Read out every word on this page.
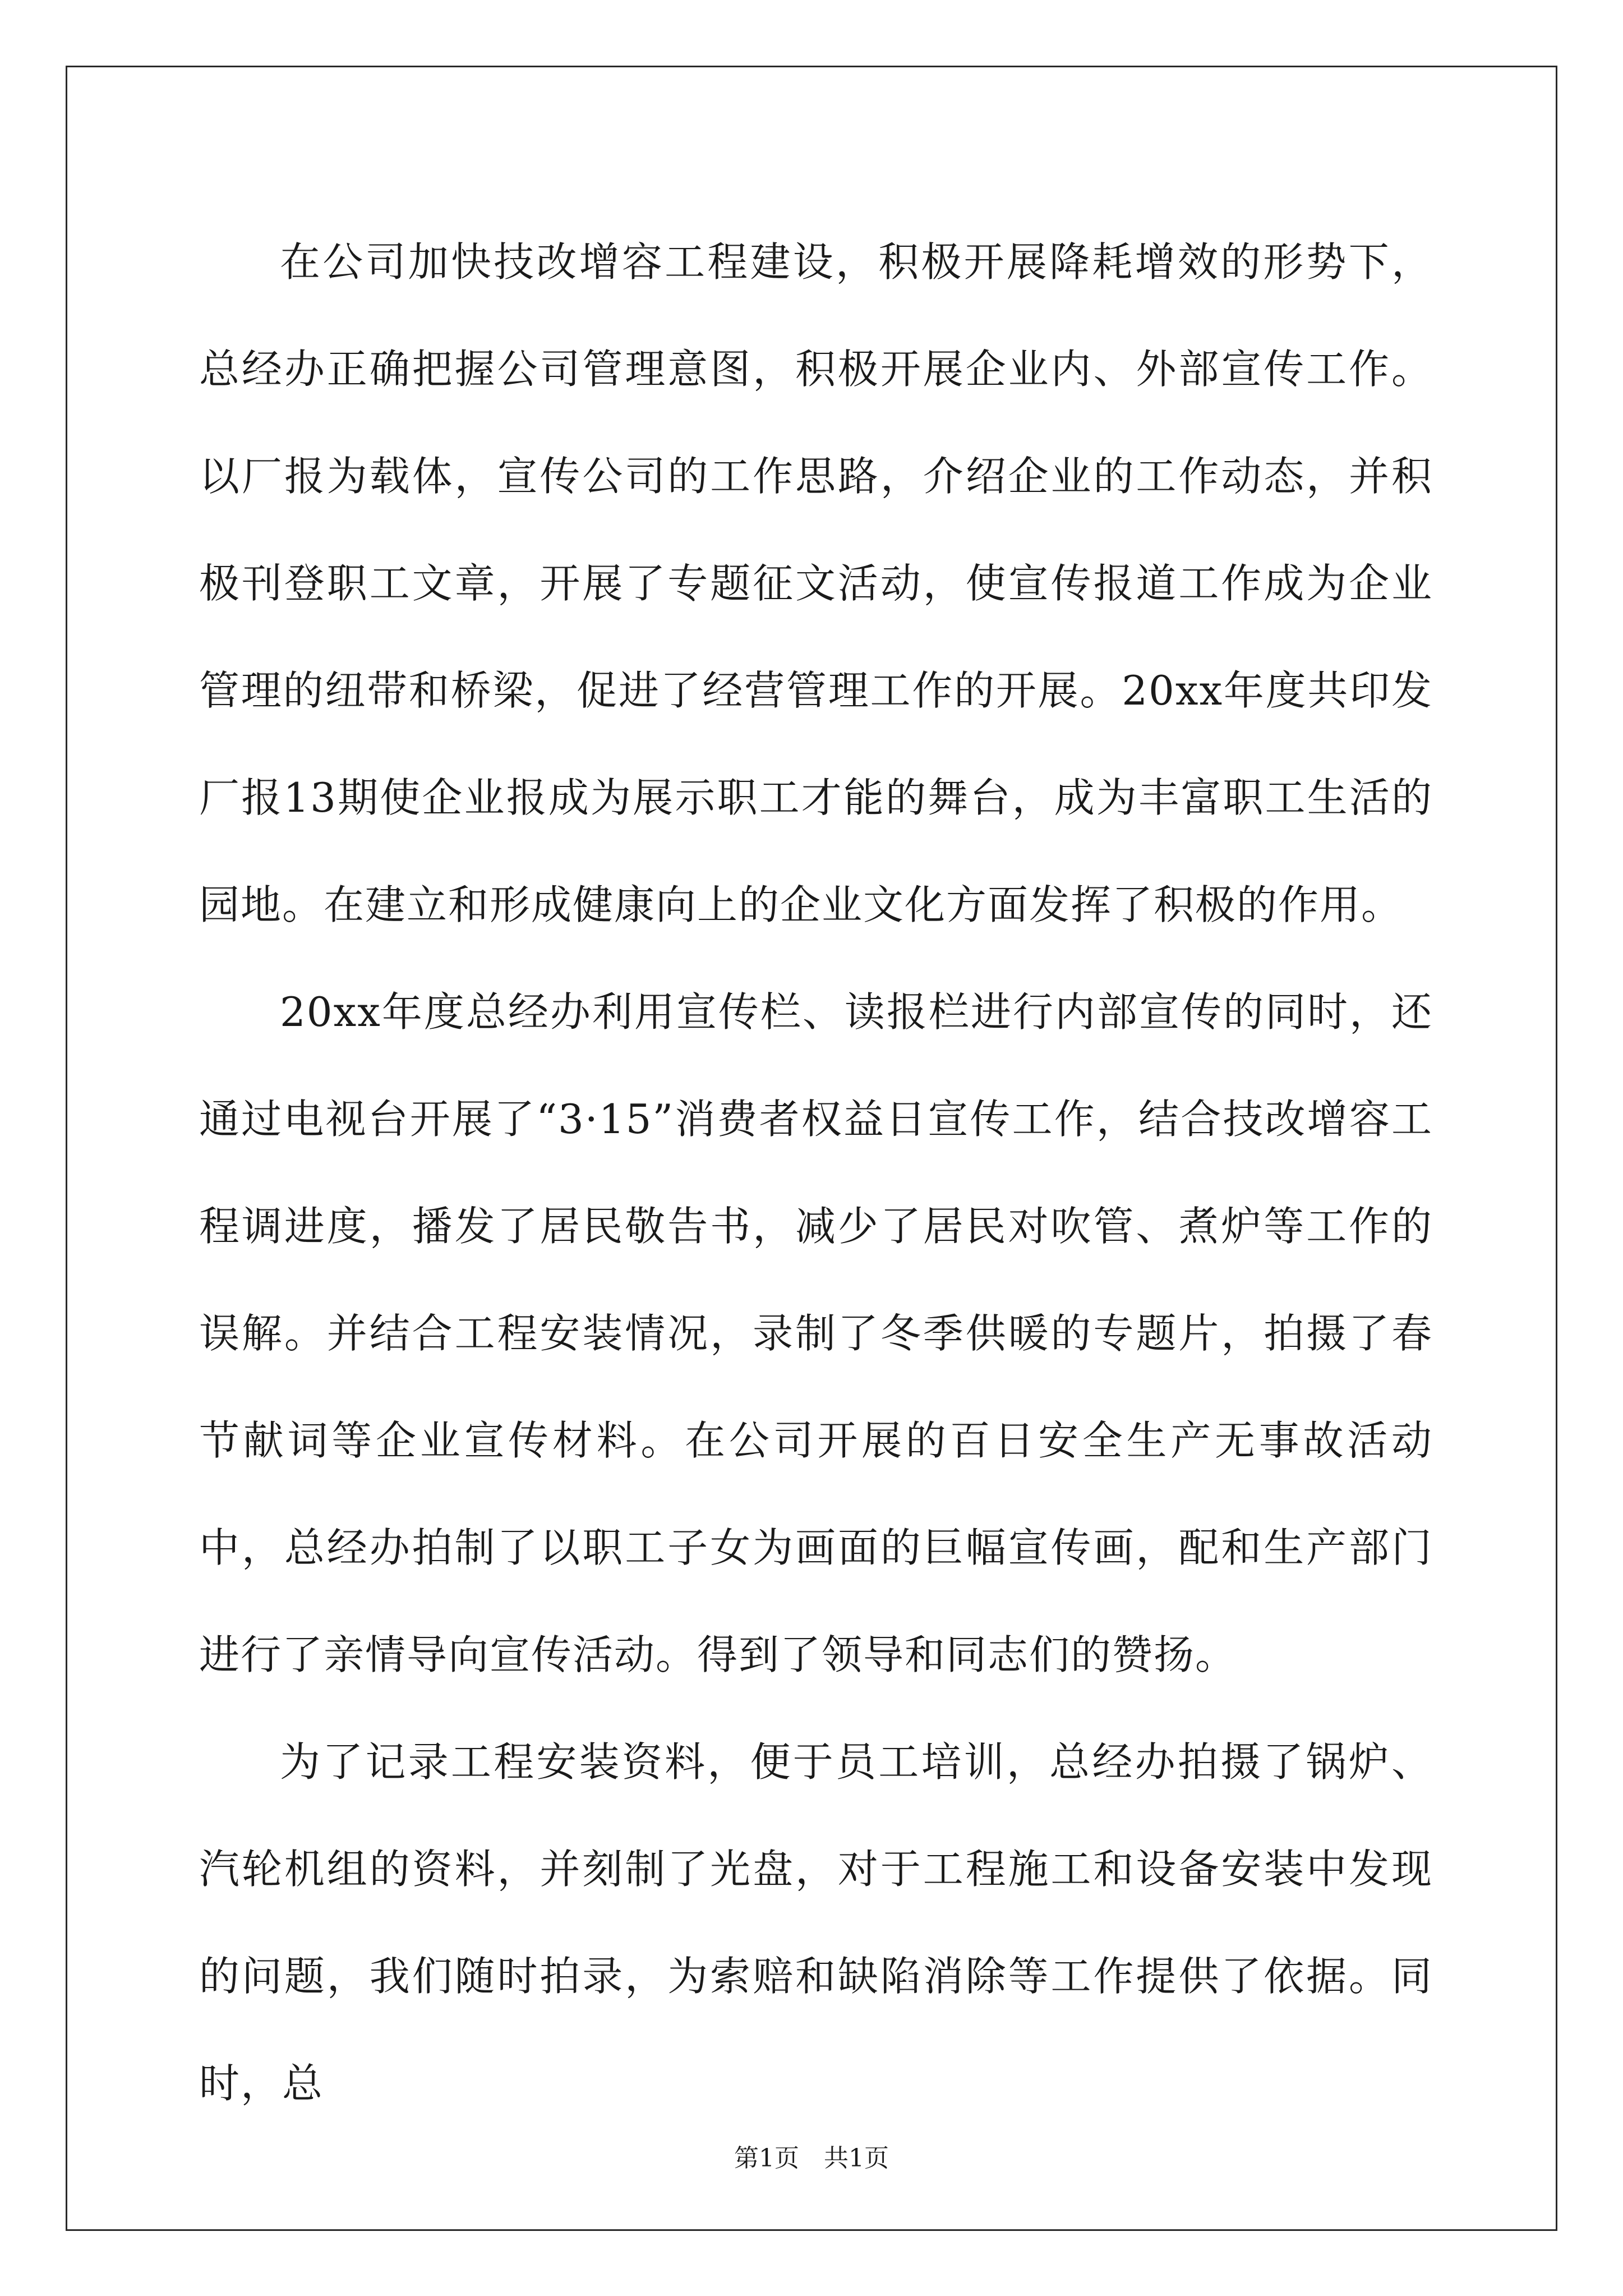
在公司加快技改增容工程建设，积极开展降耗增效的形势下，总经办正确把握公司管理意图，积极开展企业内、外部宣传工作。以厂报为载体，宣传公司的工作思路，介绍企业的工作动态，并积极刊登职工文章，开展了专题征文活动，使宣传报道工作成为企业管理的纽带和桥梁，促进了经营管理工作的开展。20xx年度共印发厂报13期使企业报成为展示职工才能的舞台，成为丰富职工生活的园地。在建立和形成健康向上的企业文化方面发挥了积极的作用。

20xx年度总经办利用宣传栏、读报栏进行内部宣传的同时，还通过电视台开展了“3·15”消费者权益日宣传工作，结合技改增容工程调进度，播发了居民敬告书，减少了居民对吹管、煮炉等工作的误解。并结合工程安装情况，录制了冬季供暖的专题片，拍摄了春节献词等企业宣传材料。在公司开展的百日安全生产无事故活动中，总经办拍制了以职工子女为画面的巨幅宣传画，配和生产部门进行了亲情导向宣传活动。得到了领导和同志们的赞扬。

为了记录工程安装资料，便于员工培训，总经办拍摄了锅炉、汽轮机组的资料，并刻制了光盘，对于工程施工和设备安装中发现的问题，我们随时拍录，为索赔和缺陷消除等工作提供了依据。同时，总

第1页　共1页
